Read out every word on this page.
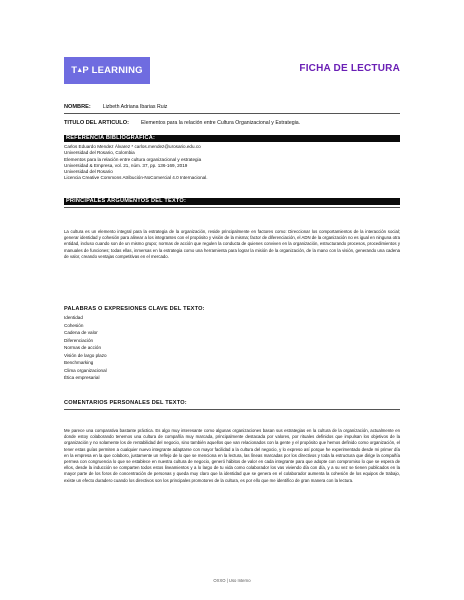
T▲P LEARNING	FICHA DE LECTURA
NOMBRE: Lizbeth Adriana Ibarias Ruiz
TITULO DEL ARTICULO: Elementos para la relación entre Cultura Organizacional y Estrategia.
REFERENCIA BIBLIOGRAFICA:
Carlos Eduardo Mendez Álvarez * carlos.mendez@urosario.edu.co
Universidad del Rosario, Colombia
Elementos para la relación entre cultura organizacional y estrategia
Universidad & Empresa, vol. 21, núm. 37, pp. 136-169, 2019
Universidad del Rosario
Licencia Creative Commons Atribución-NoComercial 4.0 Internacional.
PRINCIPALES ARGUMENTOS DEL TEXTO:
La cultura es un elemento integral para la estrategia de la organización, reside principalmente en factores como: Direccionar los comportamientos de la interacción social; generar identidad y cohesión para alinear a los integrantes con el propósito y visión de la misma; factor de diferenciación, el ADN de la organización no es igual en ninguna otra entidad, incluso cuando son de un mismo grupo; normas de acción que regulen la conducta de quienes conviven en la organización, estructurando procesos, procedimientos y manuales de funciones; todas ellas, inmersas en la estrategia como una herramienta para lograr la misión de la organización, de la mano con la visión, generando una cadena de valor, creando ventajas competitivas en el mercado.
PALABRAS O EXPRESIONES CLAVE DEL TEXTO:
Identidad
Cohesión
Cadena de valor
Diferenciación
Normas de acción
Visión de largo plazo
Benchmarking
Clima organizacional
Ética empresarial
COMENTARIOS PERSONALES DEL TEXTO:
Me parece una comparativa bastante práctica. Es algo muy interesante como algunas organizaciones basan sus estrategias en la cultura de la organización, actualmente en donde estoy colaborando tenemos una cultura de compañía muy marcada, principalmente destacada por valores, por rituales definidos que impulsan los objetivos de la organización y no solamente los de rentabilidad del negocio, sino también aquellos que van relacionados con la gente y el propósito que hemos definido como organización, el tener estas guías permiten a cualquier nuevo integrante adaptarse con mayor facilidad a la cultura del negocio, y lo expreso así porque he experimentado desde mi primer día en la empresa en la que colaboro, justamente un reflejo de lo que se menciona en la lectura, las líneas marcadas por los directivos y toda la estructura que dirige la compañía permea con congruencia lo que se establece en nuestra cultura de negocio, generó hábitos de valor en cada integrante para que adopte con compromiso lo que se espera de ellos, desde la inducción se comparten todos estos lineamientos y a lo largo de tu vida como colaborador los vas viviendo día con día, y a su vez se tienen publicados en la mayor parte de los foros de concentración de personas y queda muy claro que la identidad que se genera en el colaborador aumenta la cohesión de los equipos de trabajo, existe un efecto duradero cuando los directivos son los principales promotores de la cultura, es por ello que me identifico de gran manera con la lectura.
OXXO | Uso Interno
